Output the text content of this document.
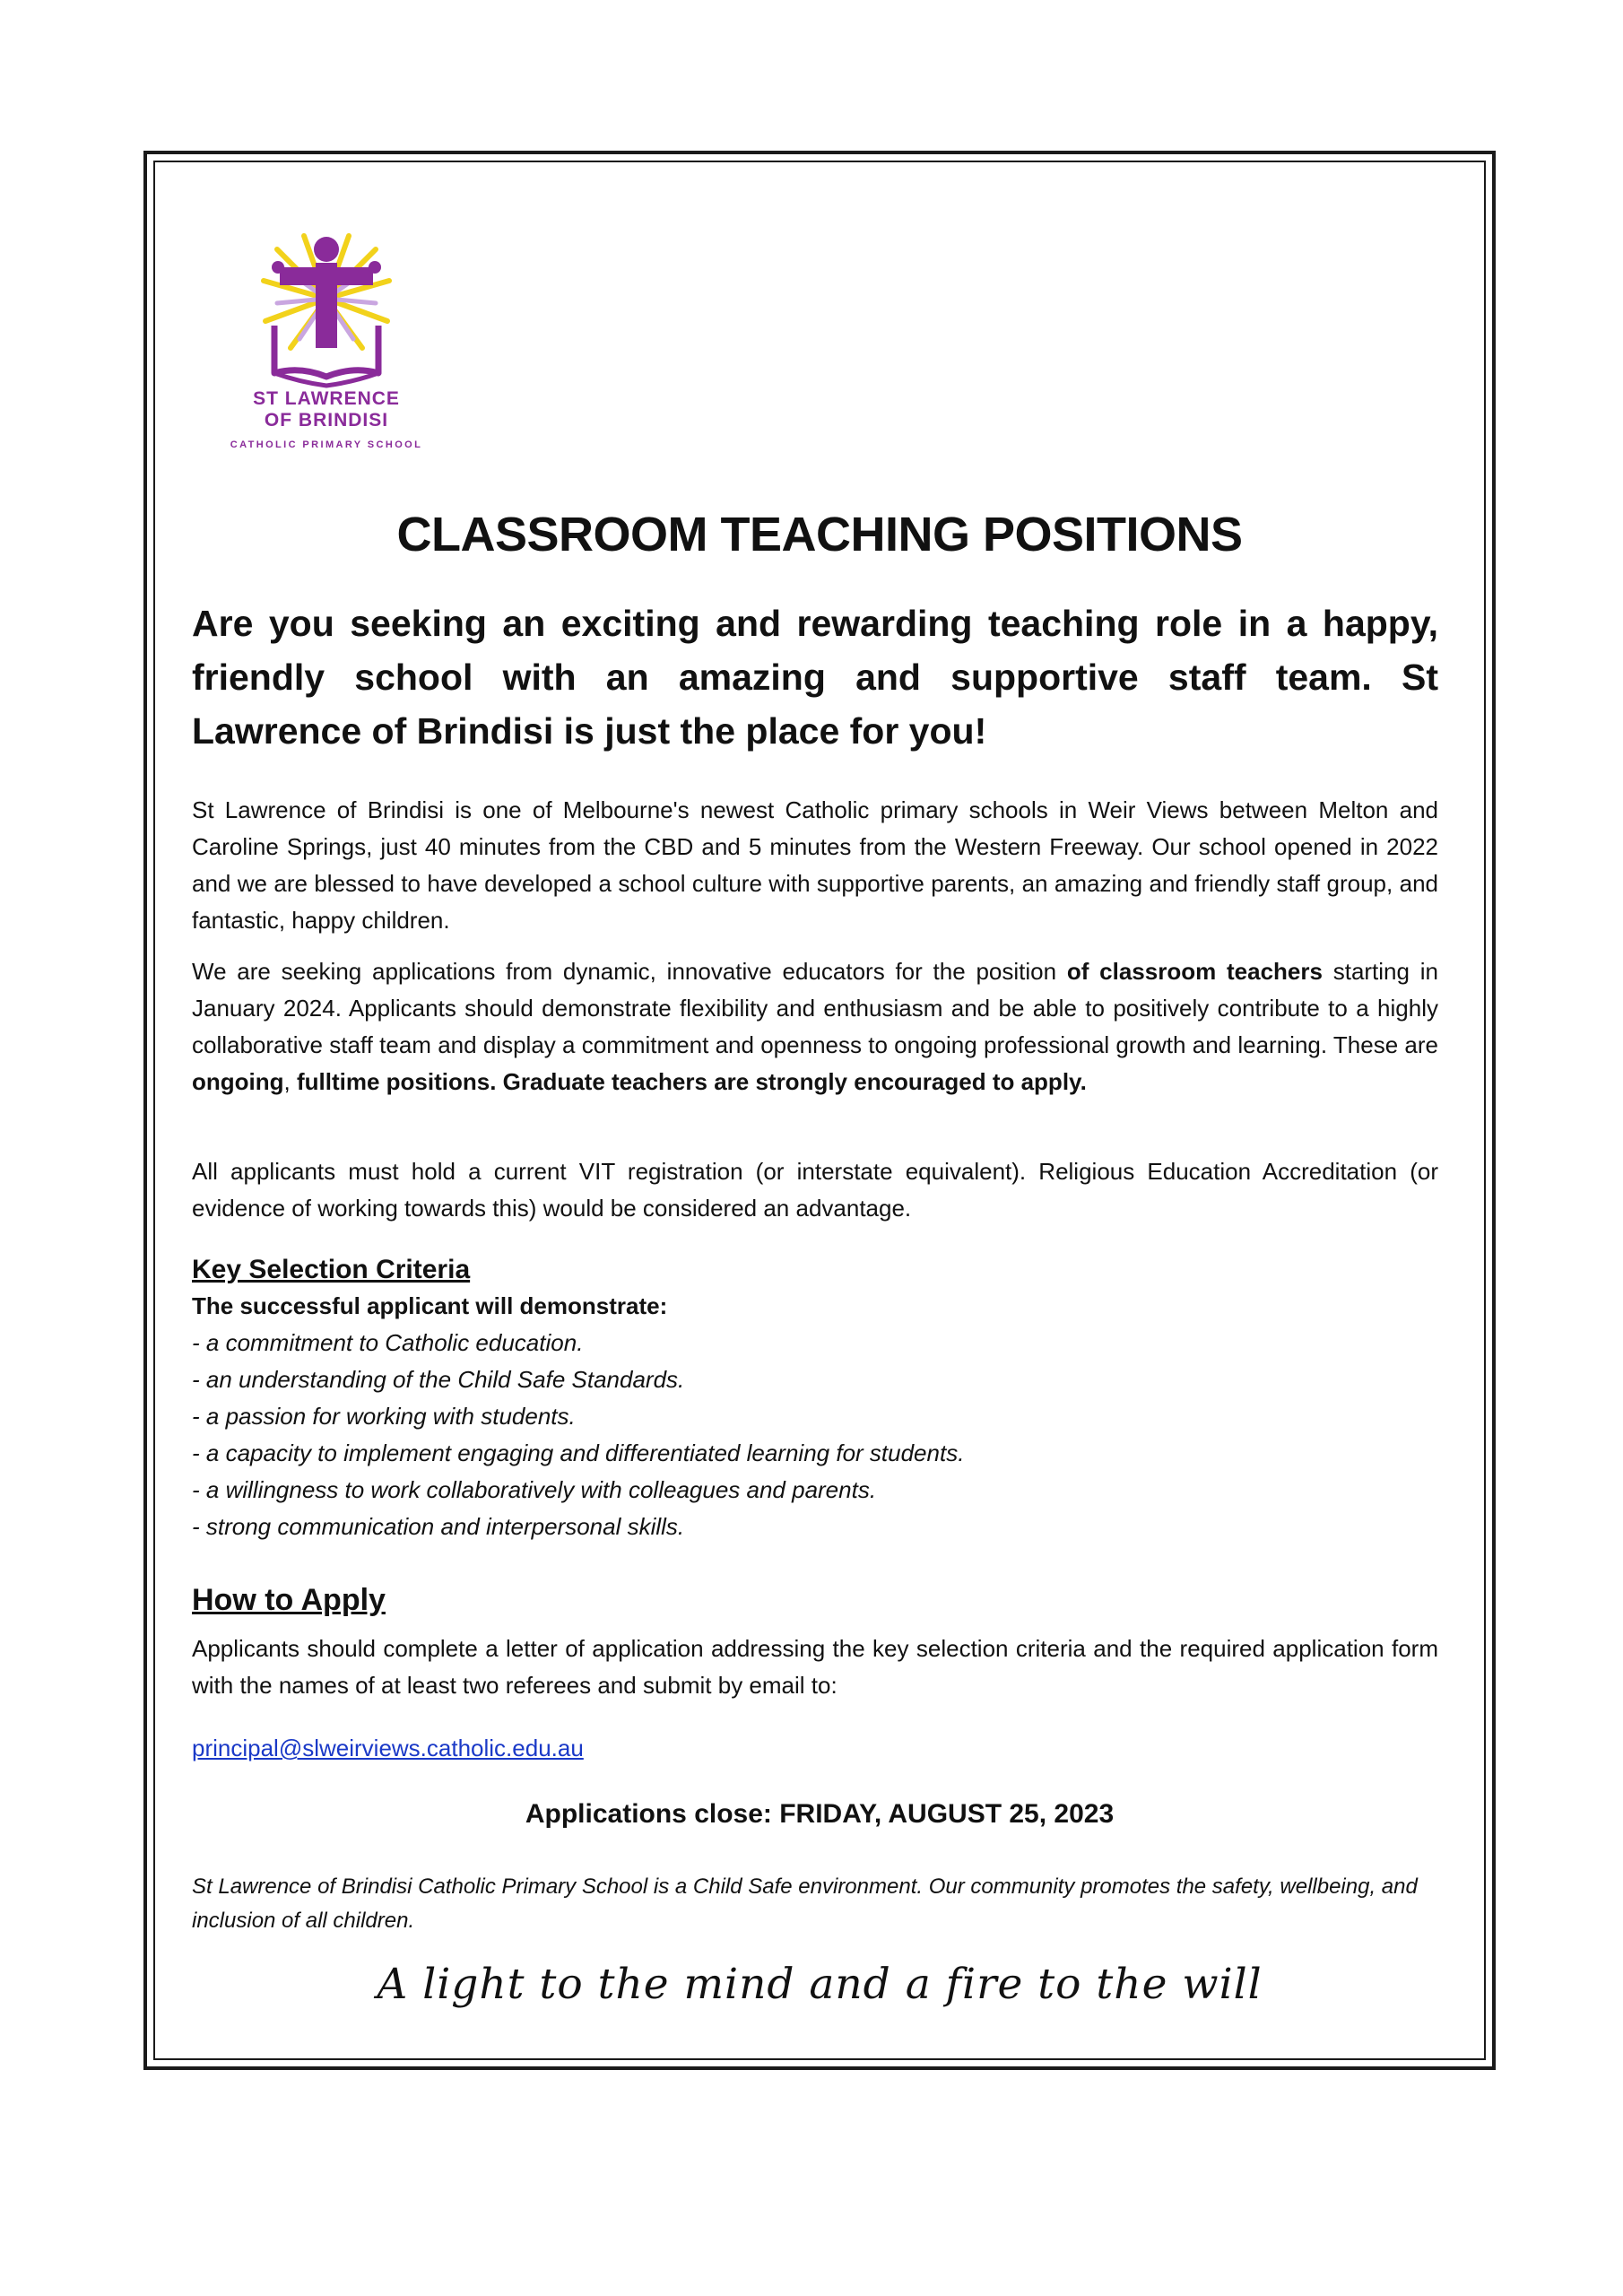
ST LAWRENCE
OF BRINDISI
CATHOLIC PRIMARY SCHOOL
CLASSROOM TEACHING POSITIONS

Are you seeking an exciting and rewarding teaching role in a happy, friendly school with an amazing and supportive staff team. St Lawrence of Brindisi is just the place for you!

St Lawrence of Brindisi is one of Melbourne's newest Catholic primary schools in Weir Views between Melton and Caroline Springs, just 40 minutes from the CBD and 5 minutes from the Western Freeway. Our school opened in 2022 and we are blessed to have developed a school culture with supportive parents, an amazing and friendly staff group, and fantastic, happy children.

We are seeking applications from dynamic, innovative educators for the position of classroom teachers starting in January 2024. Applicants should demonstrate flexibility and enthusiasm and be able to positively contribute to a highly collaborative staff team and display a commitment and openness to ongoing professional growth and learning. These are ongoing, fulltime positions. Graduate teachers are strongly encouraged to apply.

All applicants must hold a current VIT registration (or interstate equivalent). Religious Education Accreditation (or evidence of working towards this) would be considered an advantage.

Key Selection Criteria

The successful applicant will demonstrate:

- a commitment to Catholic education.
- an understanding of the Child Safe Standards.
- a passion for working with students.
- a capacity to implement engaging and differentiated learning for students.
- a willingness to work collaboratively with colleagues and parents.
- strong communication and interpersonal skills.

How to Apply

Applicants should complete a letter of application addressing the key selection criteria and the required application form with the names of at least two referees and submit by email to:

principal@slweirviews.catholic.edu.au

Applications close: FRIDAY, AUGUST 25, 2023

St Lawrence of Brindisi Catholic Primary School is a Child Safe environment. Our community promotes the safety, wellbeing, and inclusion of all children.

A light to the mind and a fire to the will
